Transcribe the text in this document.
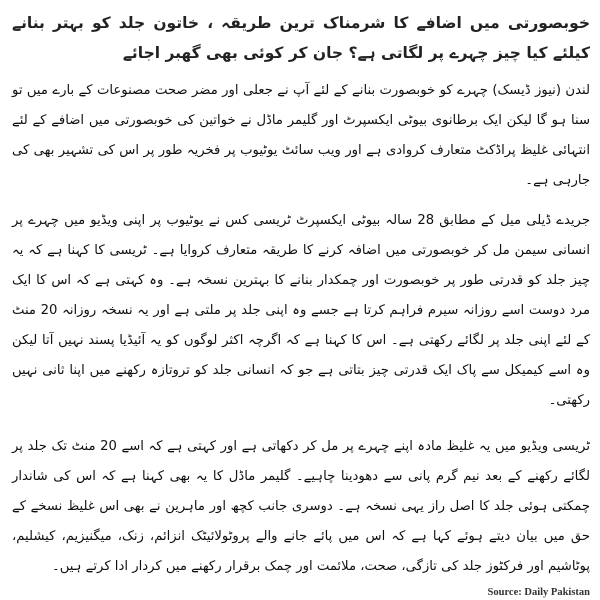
خوبصورتی میں اضافے کا شرمناک ترین طریقہ ، خاتون جلد کو بہتر بنانے کیلئے کیا چیز چہرے پر لگاتی ہے؟ جان کر کوئی بھی گھبر اجائے

لندن (نیوز ڈیسک) چہرے کو خوبصورت بنانے کے لئے آپ نے جعلی اور مضر صحت مصنوعات کے بارے میں تو سنا ہو گا لیکن ایک برطانوی بیوٹی ایکسپرٹ اور گلیمر ماڈل نے خواتین کی خوبصورتی میں اضافے کے لئے انتہائی غلیظ پراڈکٹ متعارف کروادی ہے اور ویب سائٹ یوٹیوب پر فخریہ طور پر اس کی تشہیر بھی کی جارہی ہے۔

جریدے ڈیلی میل کے مطابق 28 سالہ بیوٹی ایکسپرٹ ٹریسی کس نے یوٹیوب پر اپنی ویڈیو میں چہرے پر انسانی سیمن مل کر خوبصورتی میں اضافہ کرنے کا طریقہ متعارف کروایا ہے۔ ٹریسی کا کہنا ہے کہ یہ چیز جلد کو قدرتی طور پر خوبصورت اور چمکدار بنانے کا بہترین نسخہ ہے۔ وہ کہتی ہے کہ اس کا ایک مرد دوست اسے روزانہ سیرم فراہم کرتا ہے جسے وہ اپنی جلد پر ملتی ہے اور یہ نسخہ روزانہ 20 منٹ کے لئے اپنی جلد پر لگائے رکھتی ہے۔ اس کا کہنا ہے کہ اگرچہ اکثر لوگوں کو یہ آئیڈیا پسند نہیں آتا لیکن وہ اسے کیمیکل سے پاک ایک قدرتی چیز بتاتی ہے جو کہ انسانی جلد کو تروتازہ رکھنے میں اپنا ثانی نہیں رکھتی۔

ٹریسی ویڈیو میں یہ غلیظ مادہ اپنے چہرے پر مل کر دکھاتی ہے اور کہتی ہے کہ اسے 20 منٹ تک جلد پر لگائے رکھنے کے بعد نیم گرم پانی سے دھودینا چاہیے۔ گلیمر ماڈل کا یہ بھی کہنا ہے کہ اس کی شاندار چمکتی ہوئی جلد کا اصل راز یہی نسخہ ہے۔ دوسری جانب کچھ اور ماہرین نے بھی اس غلیظ نسخے کے حق میں بیان دیتے ہوئے کہا ہے کہ اس میں پائے جانے والے پروٹولائیٹک انزائم، زنک، میگنیزیم، کیشلیم، پوٹاشیم اور فرکٹوز جلد کی تازگی، صحت، ملائمت اور چمک برقرار رکھنے میں کردار ادا کرتے ہیں۔

Source: Daily Pakistan
